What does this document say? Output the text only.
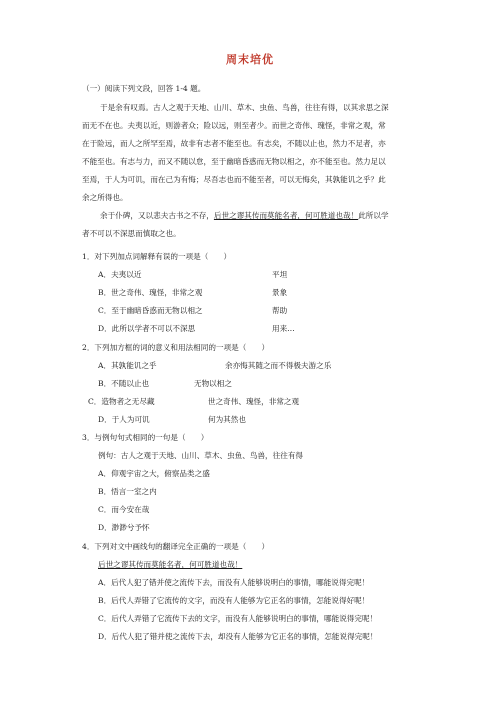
周末培优
（一）阅读下列文段，回答 1-4 题。
于是余有叹焉。古人之观于天地、山川、草木、虫鱼、鸟兽，往往有得，以其求思之深
而无不在也。夫夷以近，则游者众；险以远，则至者少。而世之奇伟、瑰怪，非常之观，常
在于险远，而人之所罕至焉，故非有志者不能至也。有志矣，不随以止也，然力不足者，亦
不能至也。有志与力，而又不随以怠，至于幽暗昏惑而无物以相之，亦不能至也。然力足以
至焉，于人为可讥，而在己为有悔；尽吾志也而不能至者，可以无悔矣，其孰能讥之乎？此
余之所得也。
余于仆碑，又以悲夫古书之不存，后世之谬其传而莫能名者，何可胜道也哉！此所以学
者不可以不深思而慎取之也。
1．对下列加点词解释有误的一项是（　　）
A．夫夷以近	平坦
B．世之奇伟、瑰怪，非常之观	景象
C．至于幽暗昏惑而无物以相之	帮助
D．此所以学者不可以不深思	用来…
2．下列加方框的词的意义和用法相同的一项是（　　）
A．其孰能讥之乎	余亦悔其随之而不得极夫游之乐
B．不随以止也	无物以相之
C．造物者之无尽藏	世之奇伟、瑰怪，非常之观
D．于人为可讥	何为其然也
3．与例句句式相同的一句是（　　）
例句：古人之观于天地、山川、草木、虫鱼、鸟兽，往往有得
A．仰观宇宙之大，俯察品类之盛
B．悟言一室之内
C．而今安在哉
D．渺渺兮予怀
4．下列对文中画线句的翻译完全正确的一项是（　　）
后世之谬其传而莫能名者，何可胜道也哉！
A．后代人犯了错并使之流传下去，而没有人能够说明白的事情，哪能说得完呢！
B．后代人弄错了它流传的文字，而没有人能够为它正名的事情，怎能说得好呢！
C．后代人弄错了它流传下去的文字，而没有人能够说明白的事情，哪能说得完呢！
D．后代人犯了错并使之流传下去，却没有人能够为它正名的事情，怎能说得完呢！
